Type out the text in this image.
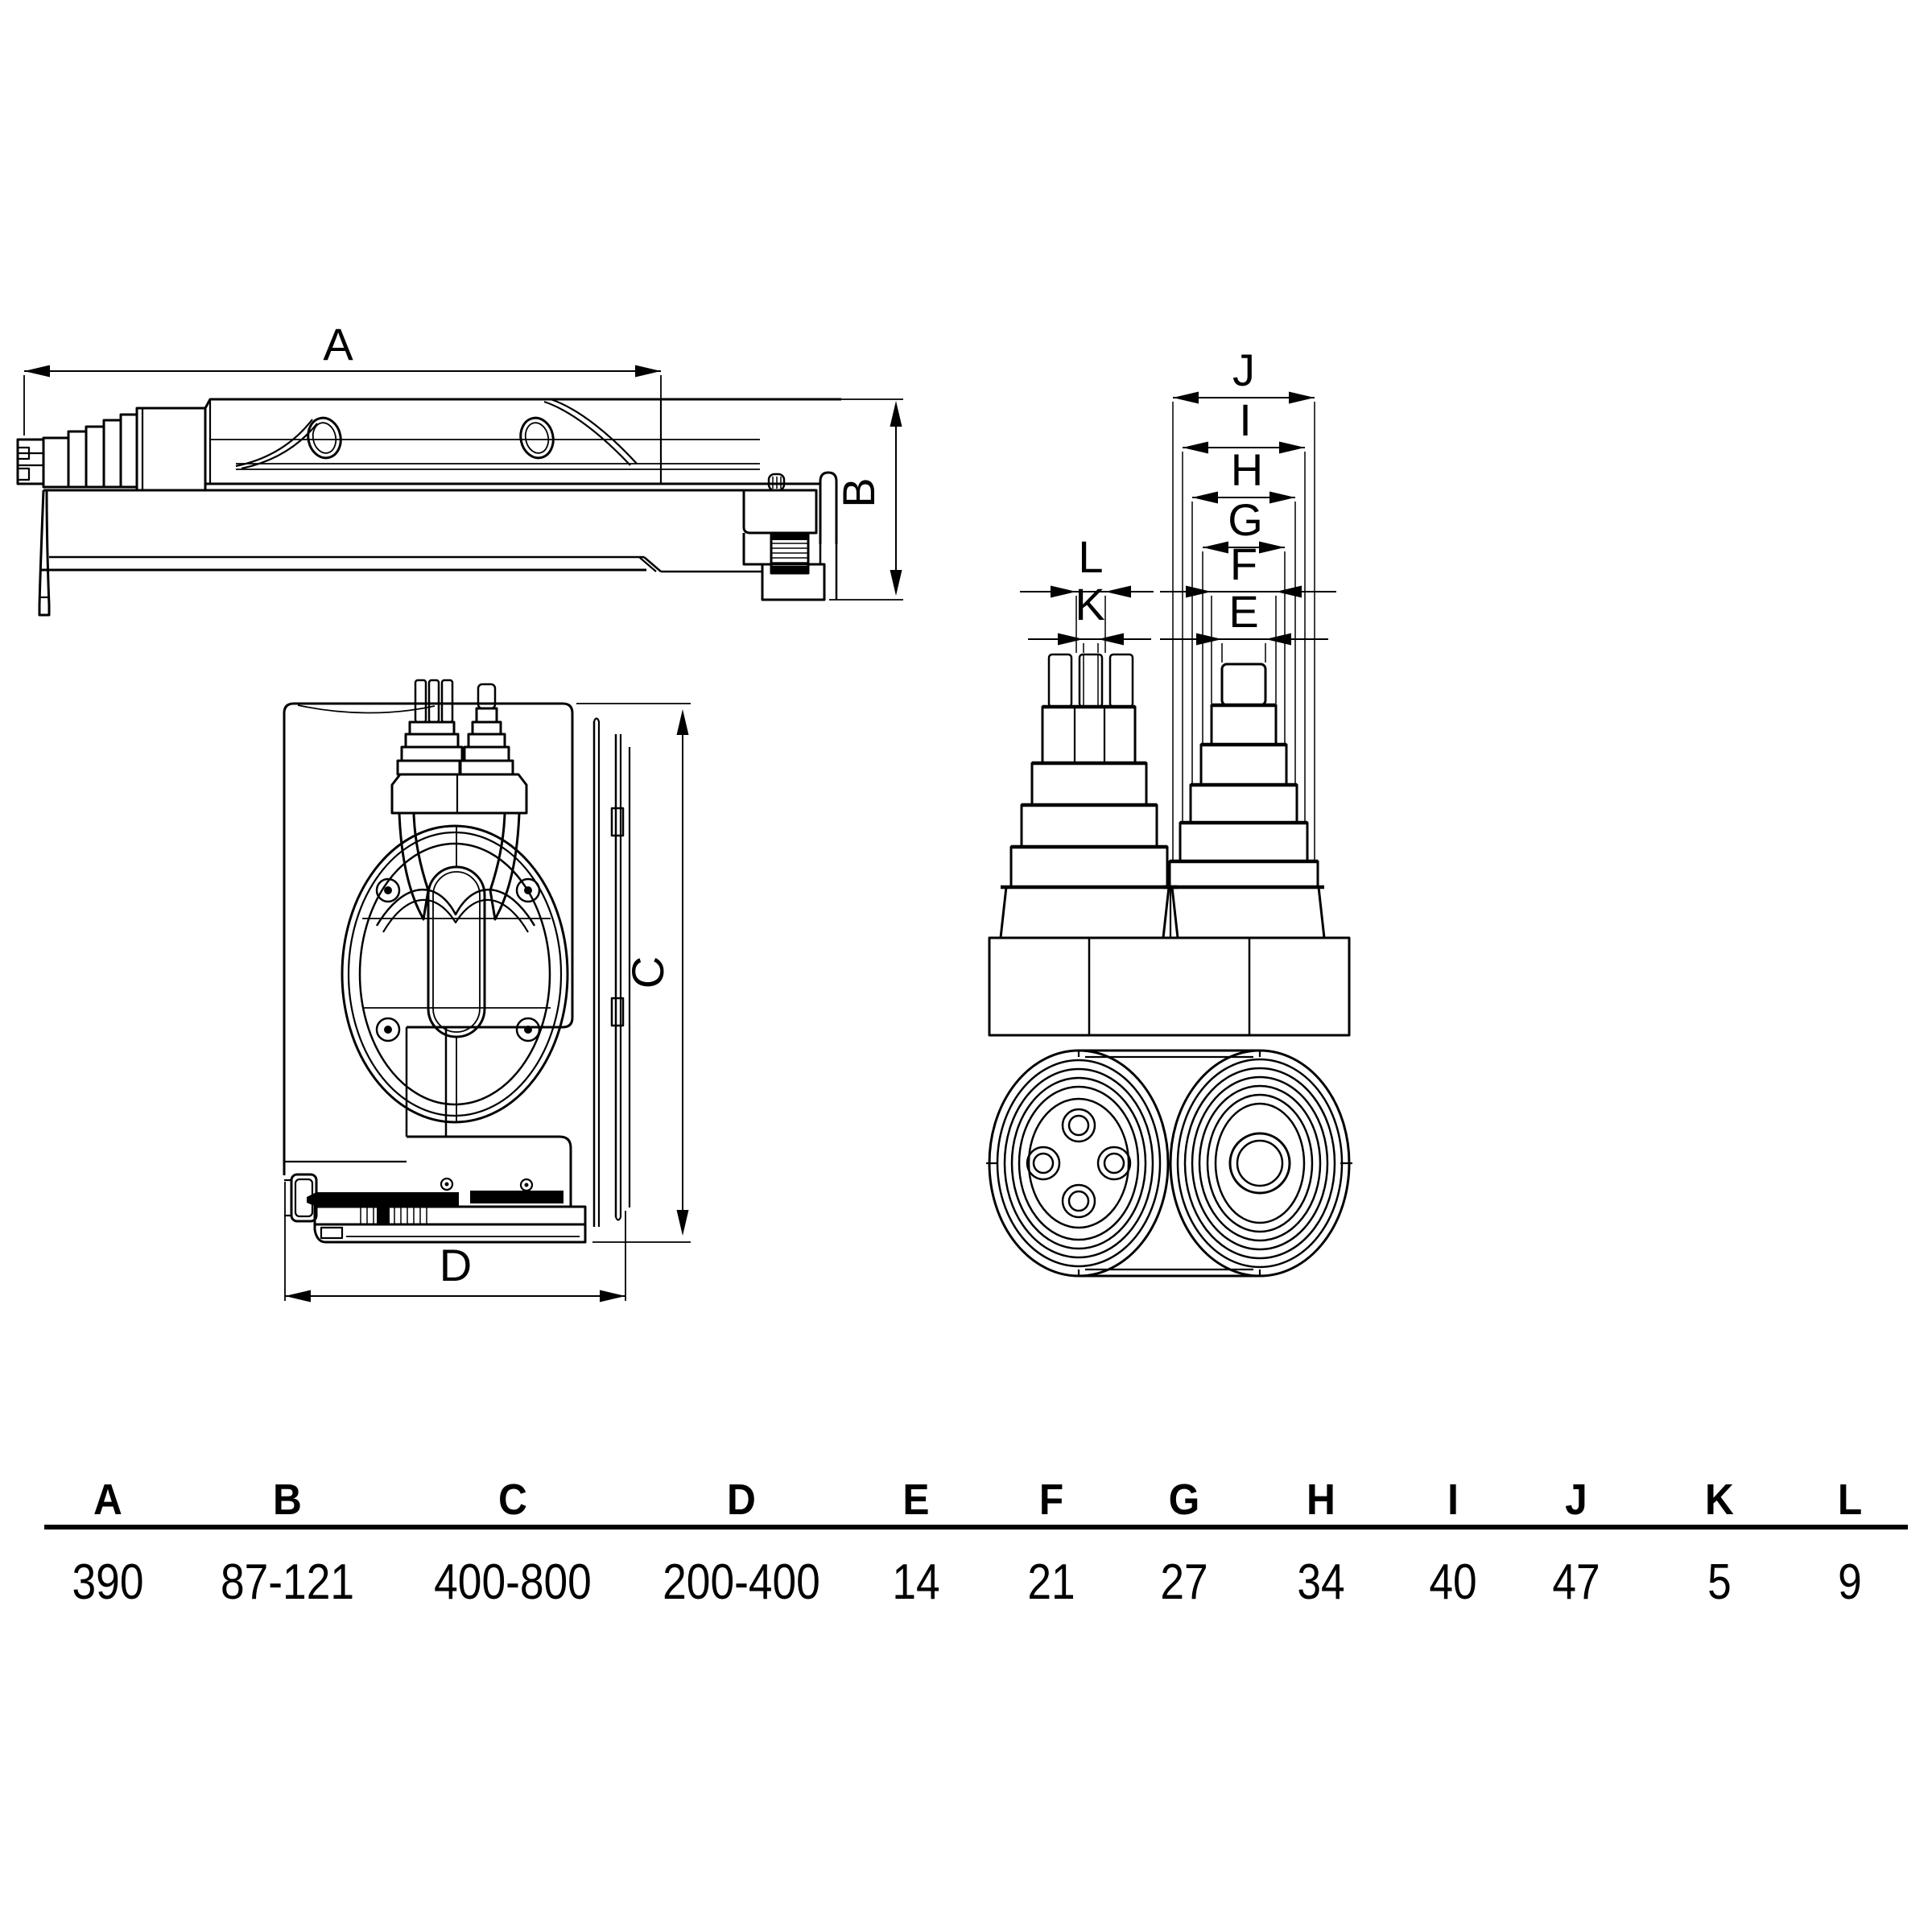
A
B
C
D
J
I
H
G
F
E
L
K
A	B	C	D	E	F G H	I J	K L
390 87-121 400-800 200-400 14 21 27 34 40 47 5 9
